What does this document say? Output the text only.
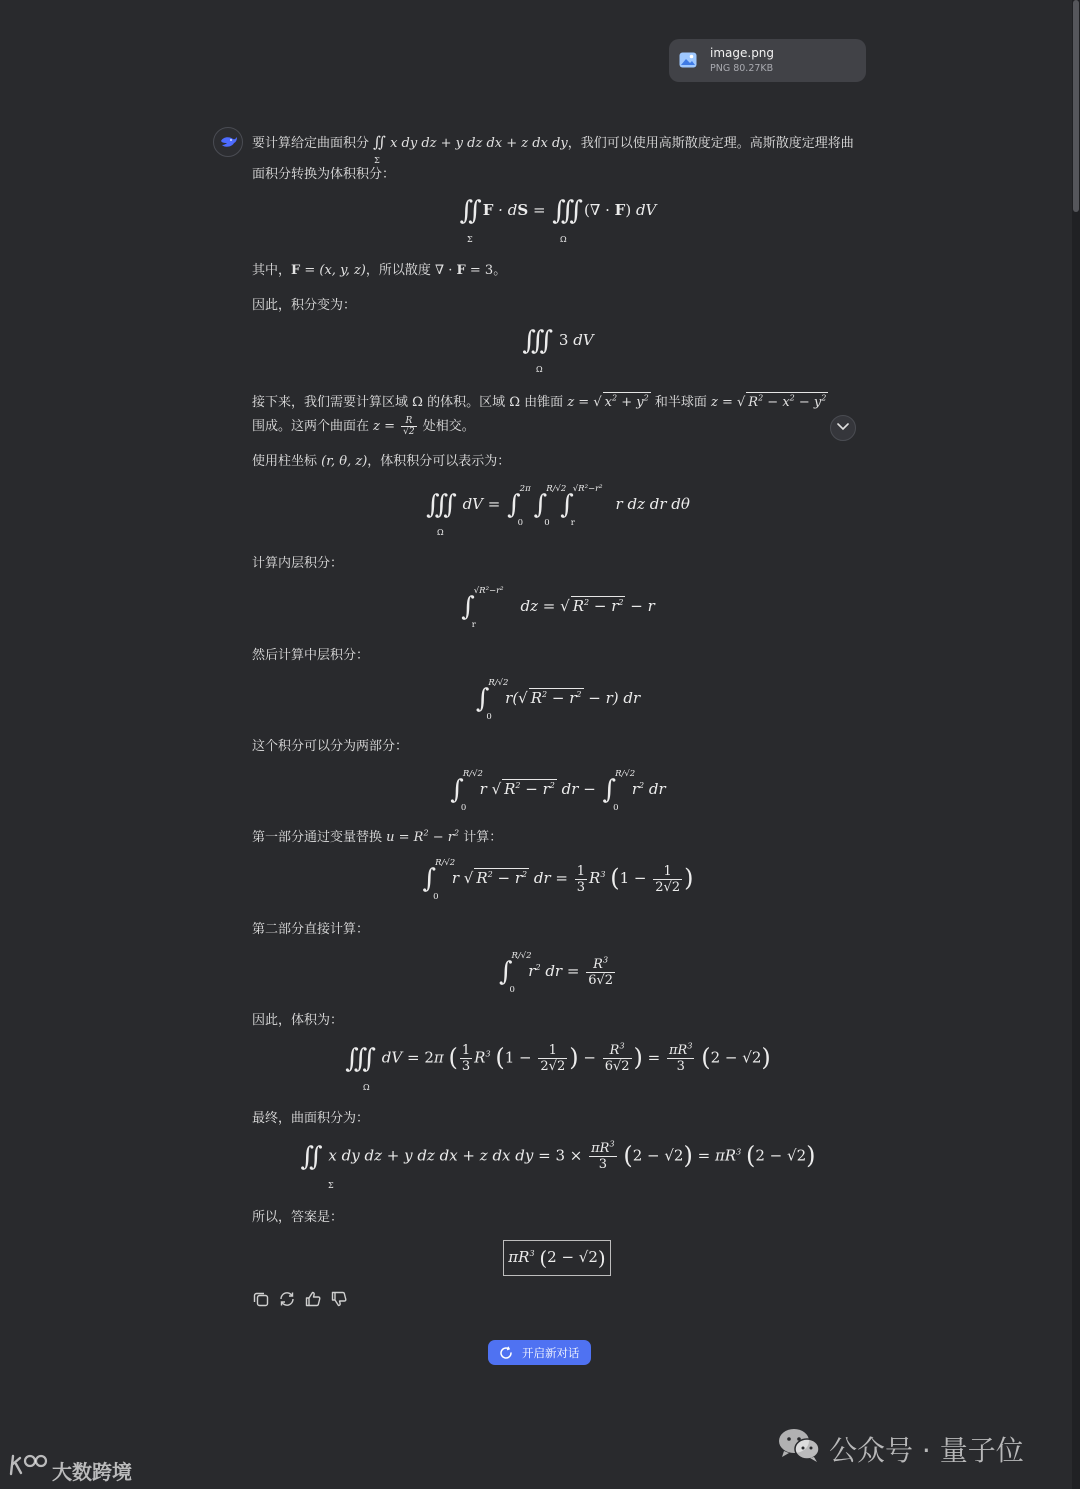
image.png
PNG 80.27KB
要计算给定曲面积分 ∬
Σ
x dy dz + y dz dx + z dx dy，我们可以使用高斯散度定理。高斯散度定理将曲
面积分转换为体积积分：
∬
Σ
F · dS = ∭
Ω
(∇ · F) dV
其中，F = (x, y, z)，所以散度 ∇ · F = 3。
因此，积分变为：
∭
Ω
3 dV
接下来，我们需要计算区域 Ω 的体积。区域 Ω 由锥面 z = √ $x^2 + y^2$ 和半球面 z = √ $R^2 - x^2 - y^2$
围成。这两个曲面在 $z = \frac{R}{√2}$ 处相交。
使用柱坐标 (r, θ, z)，体积积分可以表示为：
∭
Ω
dV = ∫
2π
0
∫
R/√2
0
∫
√R²−r²
r
r dz dr dθ
计算内层积分：
∫
√R²−r²
r
dz = √ $R^2 - r^2 - r$
然后计算中层积分：
∫
R/√2
0
r(√ $R^2 - r^2 - r$) dr
这个积分可以分为两部分：
∫
R/√2
0
r √ $R^2 - r^2$ dr − ∫
R/√2
0
$r^2$ dr
第一部分通过变量替换 $u = R^2 - r^2$ 计算：
∫
R/√2
0
r √ $R^2 - r^2$ dr = $\frac{1}{3} R^3$ ($1 - \frac{1}{2√2}$ )
第二部分直接计算：
∫
R/√2
0
$r^2$ dr = $\frac{R^3}{6√2}$
因此，体积为：
∭
Ω
dV = 2π ( $\frac{1}{3} R^3$ ($1 - \frac{1}{2√2}$ ) − $\frac{R^3}{6√2}$ ) = $\frac{\pi R^3}{3} (2 - √2)$
最终，曲面积分为：
∬
Σ
x dy dz + y dz dx + z dx dy = $3 \times \frac{\pi R^3}{3} (2 - √2) = \pi R^3$ (2 − √2)
所以，答案是：
$\pi R^3$ (2 − √2)
开启新对话
公众号 · 量子位
大数跨境
